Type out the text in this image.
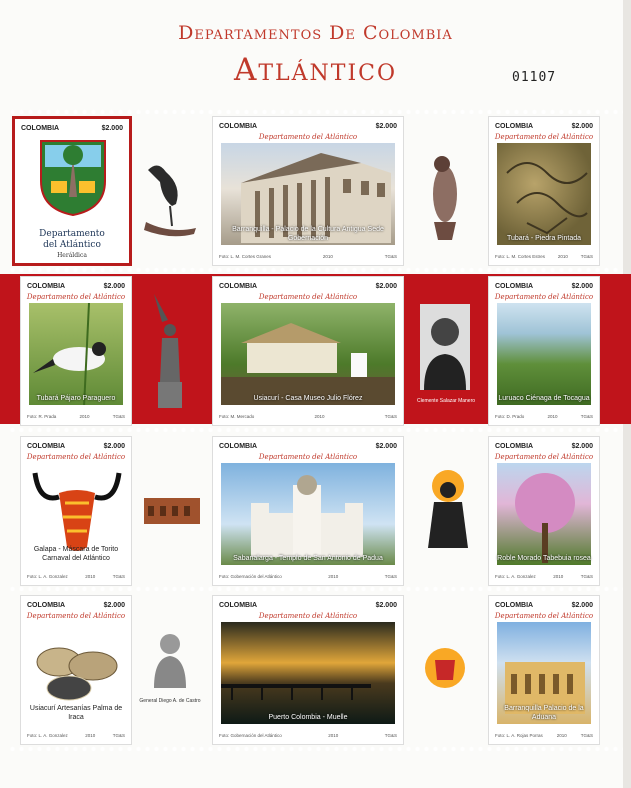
Departamentos De Colombia
Atlántico	01107
COLOMBIA	$2.000
Departamento
del Atlántico
Heráldica
COLOMBIA	$2.000
Departamento del Atlántico
Barranquilla - Palacio de la Cultura Antigua Sede Gobernación
Foto: L. M. Cortes Granes	2010	TG&S
COLOMBIA	$2.000
Departamento del Atlántico
Tubará - Piedra Pintada
Foto: L. M. Cortes Estres	2010	TG&S
COLOMBIA	$2.000
Departamento del Atlántico
Tubará Pájaro Paraguero
Foto: R. Prada	2010	TG&S
COLOMBIA	$2.000
Departamento del Atlántico
Usiacurí - Casa Museo Julio Flórez
Foto: M. Mercado	2010	TG&S
Clemente Salazar Manero
COLOMBIA	$2.000
Departamento del Atlántico
Luruaco Ciénaga de Tocagua
Foto: D. Prado	2010	TG&S
COLOMBIA	$2.000
Departamento del Atlántico
Galapa - Máscara de Torito Carnaval del Atlántico
Foto: L. A. Gonzalez	2010	TG&S
COLOMBIA	$2.000
Departamento del Atlántico
Sabanalarga - Templo de San Antonio de Padua
Foto: Gobernación del Atlántico	2010	TG&S
COLOMBIA	$2.000
Departamento del Atlántico
Roble Morado Tabebuia rosea
Foto: L. A. Gonzalez	2010	TG&S
COLOMBIA	$2.000
Departamento del Atlántico
Usiacurí Artesanías Palma de Iraca
Foto: L. A. Gonzalez	2010	TG&S
General Diego A. de Castro
COLOMBIA	$2.000
Departamento del Atlántico
Puerto Colombia - Muelle
Foto: Gobernación del Atlántico	2010	TG&S
COLOMBIA	$2.000
Departamento del Atlántico
Barranquilla Palacio de la Aduana
Foto: L. A. Rojas Porras	2010	TG&S
